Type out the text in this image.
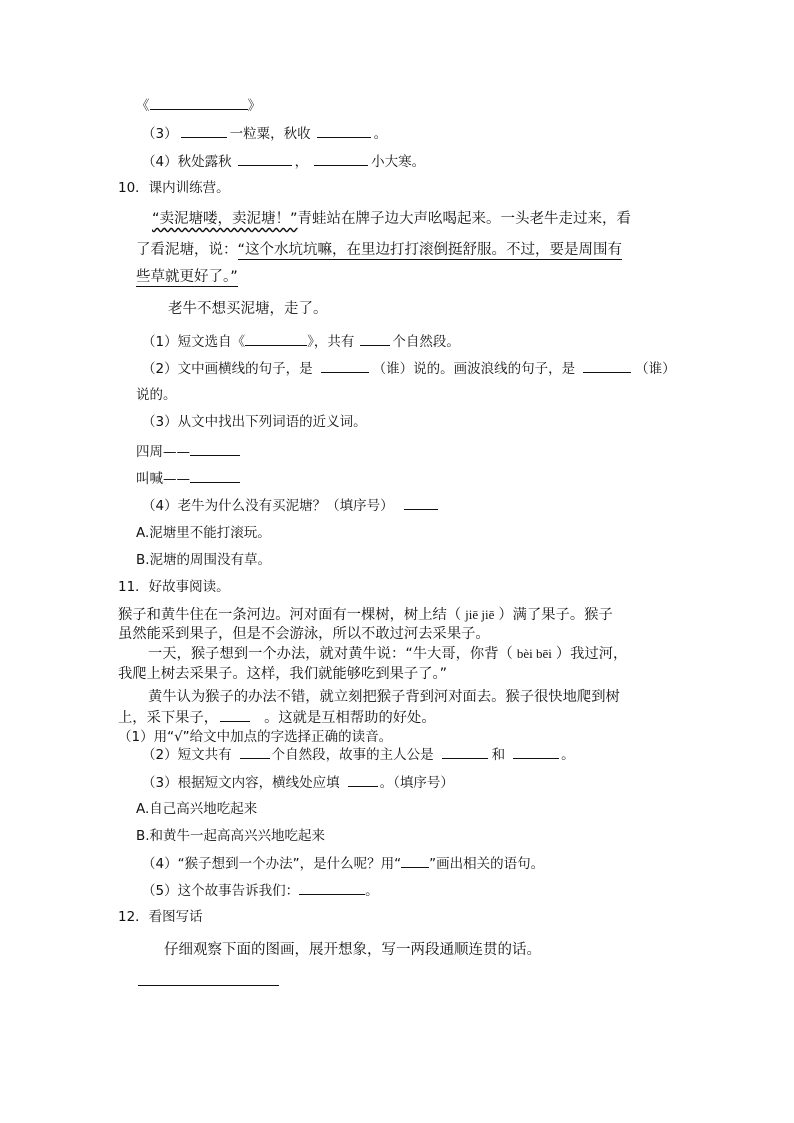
《	》
（3）	一粒粟，秋收	。
（4）秋处露秋	，	小大寒。
10．课内训练营。
“卖泥塘喽，卖泥塘！”青蛙站在牌子边大声吆喝起来。一头老牛走过来，看
了看泥塘，说：“这个水坑坑嘛，在里边打打滚倒挺舒服。不过，要是周围有
些草就更好了。”
老牛不想买泥塘，走了。
（1）短文选自《	》，共有	个自然段。
（2）文中画横线的句子，是	（谁）说的。画波浪线的句子，是	（谁）
说的。
（3）从文中找出下列词语的近义词。
四周——
叫喊——
（4）老牛为什么没有买泥塘？（填序号）
A.泥塘里不能打滚玩。
B.泥塘的周围没有草。
11．好故事阅读。
猴子和黄牛住在一条河边。河对面有一棵树，树上结（ jiē jiē ）满了果子。猴子
虽然能采到果子，但是不会游泳，所以不敢过河去采果子。
一天，猴子想到一个办法，就对黄牛说：“牛大哥，你背（ bèi bēi ）我过河，
我爬上树去采果子。这样，我们就能够吃到果子了。”
黄牛认为猴子的办法不错，就立刻把猴子背到河对面去。猴子很快地爬到树
上，采下果子，	。这就是互相帮助的好处。
（1）用“√”给文中加点的字选择正确的读音。
（2）短文共有	个自然段，故事的主人公是	和	。
（3）根据短文内容，横线处应填	。（填序号）
A.自己高兴地吃起来
B.和黄牛一起高高兴兴地吃起来
（4）“猴子想到一个办法”，是什么呢？用“ ”画出相关的语句。
（5）这个故事告诉我们：	。
12．看图写话
仔细观察下面的图画，展开想象，写一两段通顺连贯的话。
